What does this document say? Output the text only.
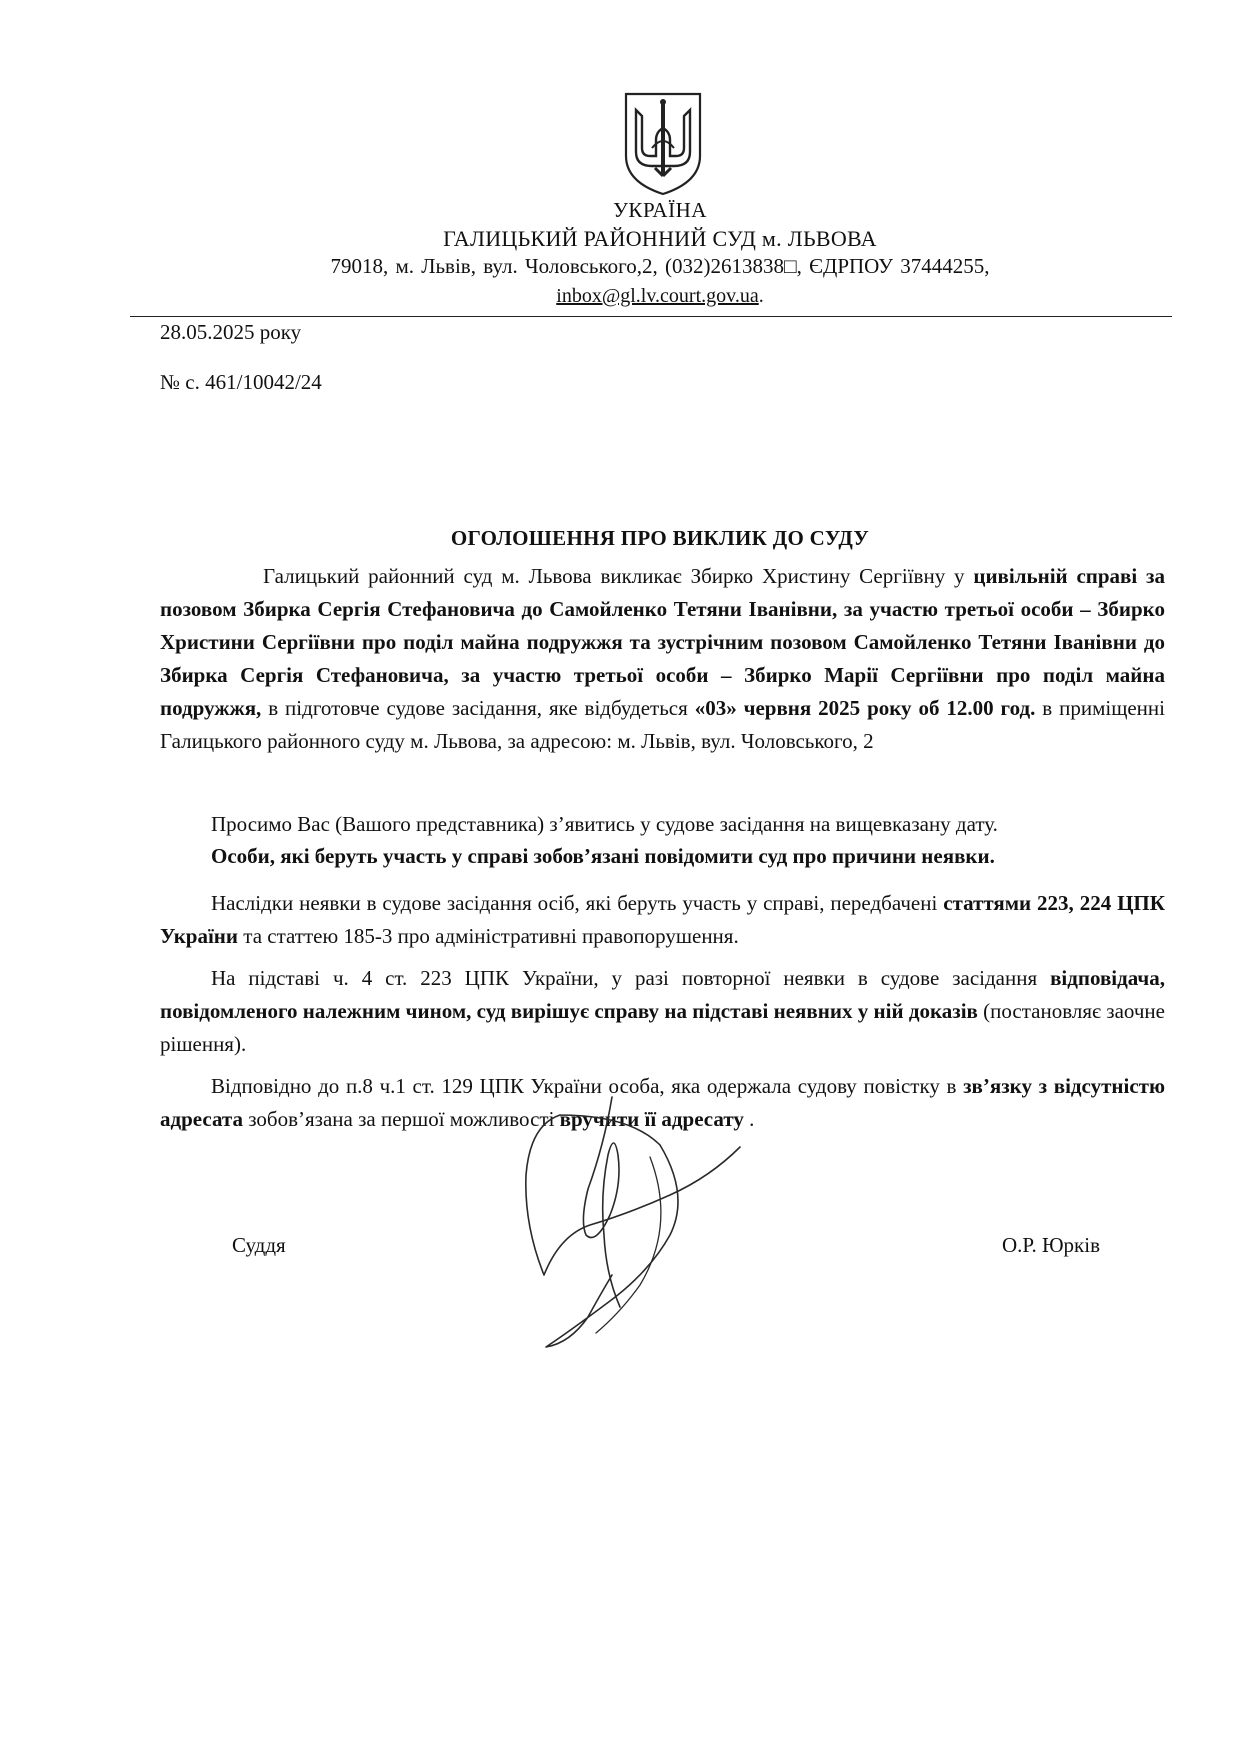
УКРАЇНА
ГАЛИЦЬКИЙ РАЙОННИЙ СУД м. ЛЬВОВА
79018, м. Львів, вул. Чоловського,2, (032)2613838□, ЄДРПОУ 37444255,
inbox@gl.lv.court.gov.ua.
28.05.2025 року
№ с. 461/10042/24
ОГОЛОШЕННЯ ПРО ВИКЛИК ДО СУДУ
Галицький районний суд м. Львова викликає Збирко Христину Сергіївну у цивільній справі за позовом Збирка Сергія Стефановича до Самойленко Тетяни Іванівни, за участю третьої особи – Збирко Христини Сергіївни про поділ майна подружжя та зустрічним позовом Самойленко Тетяни Іванівни до Збирка Сергія Стефановича, за участю третьої особи – Збирко Марії Сергіївни про поділ майна подружжя, в підготовче судове засідання, яке відбудеться «03» червня 2025 року об 12.00 год. в приміщенні Галицького районного суду м. Львова, за адресою: м. Львів, вул. Чоловського, 2
Просимо Вас (Вашого представника) з’явитись у судове засідання на вищевказану дату.
Особи, які беруть участь у справі зобов’язані повідомити суд про причини неявки.
Наслідки неявки в судове засідання осіб, які беруть участь у справі, передбачені статтями 223, 224 ЦПК України та статтею 185-3 про адміністративні правопорушення.
На підставі ч. 4 ст. 223 ЦПК України, у разі повторної неявки в судове засідання відповідача, повідомленого належним чином, суд вирішує справу на підставі неявних у ній доказів (постановляє заочне рішення).
Відповідно до п.8 ч.1 ст. 129 ЦПК України особа, яка одержала судову повістку в зв’язку з відсутністю адресата зобов’язана за першої можливості вручити її адресату .
Суддя	О.Р. Юрків
